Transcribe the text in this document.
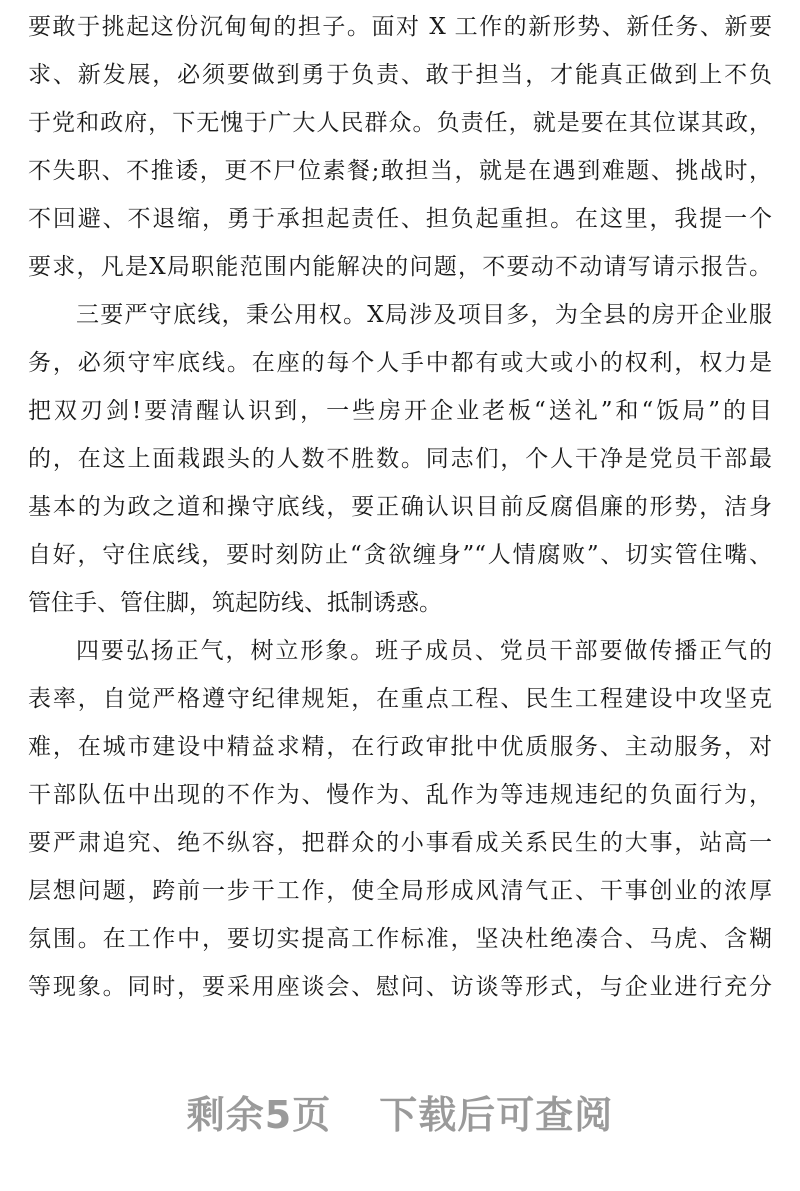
要敢于挑起这份沉甸甸的担子。面对 X 工作的新形势、新任务、新要
求、新发展，必须要做到勇于负责、敢于担当，才能真正做到上不负
于党和政府，下无愧于广大人民群众。负责任，就是要在其位谋其政，
不失职、不推诿，更不尸位素餐;敢担当，就是在遇到难题、挑战时，
不回避、不退缩，勇于承担起责任、担负起重担。在这里，我提一个
要求，凡是X局职能范围内能解决的问题，不要动不动请写请示报告。
三要严守底线，秉公用权。X局涉及项目多，为全县的房开企业服
务，必须守牢底线。在座的每个人手中都有或大或小的权利，权力是
把双刃剑!要清醒认识到，一些房开企业老板“送礼”和“饭局”的目
的，在这上面栽跟头的人数不胜数。同志们，个人干净是党员干部最
基本的为政之道和操守底线，要正确认识目前反腐倡廉的形势，洁身
自好，守住底线，要时刻防止“贪欲缠身”“人情腐败”、切实管住嘴、
管住手、管住脚，筑起防线、抵制诱惑。
四要弘扬正气，树立形象。班子成员、党员干部要做传播正气的
表率，自觉严格遵守纪律规矩，在重点工程、民生工程建设中攻坚克
难，在城市建设中精益求精，在行政审批中优质服务、主动服务，对
干部队伍中出现的不作为、慢作为、乱作为等违规违纪的负面行为，
要严肃追究、绝不纵容，把群众的小事看成关系民生的大事，站高一
层想问题，跨前一步干工作，使全局形成风清气正、干事创业的浓厚
氛围。在工作中，要切实提高工作标准，坚决杜绝凑合、马虎、含糊
等现象。同时，要采用座谈会、慰问、访谈等形式，与企业进行充分
剩余5页 下载后可查阅
